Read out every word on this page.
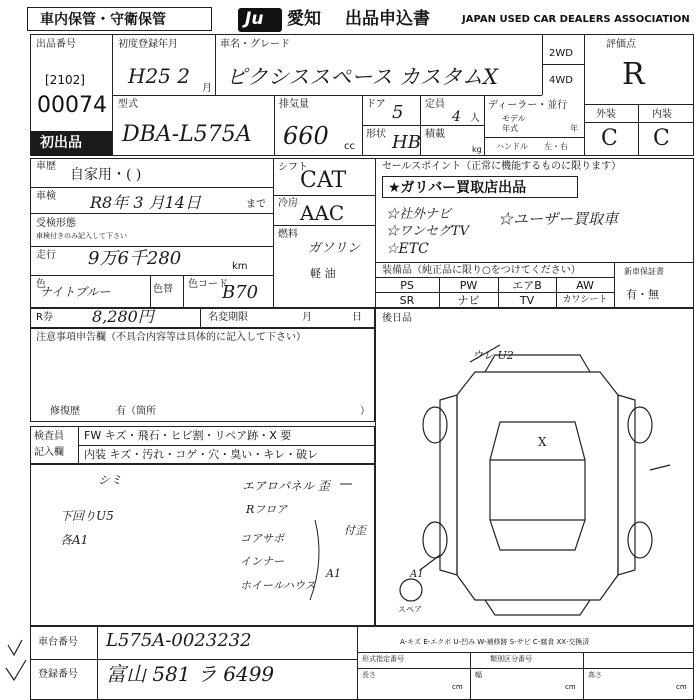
車内保管・守衛保管	Ju 愛知 出品申込書	JAPAN USED CAR DEALERS ASSOCIATION
出品番号
[2102]
00074
初出品
初度登録年月
H25 2
月
車名・グレード
ピクシススペース カスタムX
2WD
4WD
評価点
R
外装	内装
C C
型式
DBA-L575A
排気量
660 cc
ドア 5 定員
4 人
形状 HB 積載
kg
ディーラー・並行
モデル
年式	年
ハンドル 左・右
車歴
自家用・( )
車検 R8年 3 月14日	まで
受検形態
車検付きのみ記入して下さい
走行 9万6千280	km
色
ナイトブルー	色替 色コード
B70
シフト
CAT
冷房 AAC
燃料
ガソリン
軽 油
セールスポイント（正常に機能するものに限ります）
★ガリバー買取店出品
☆社外ナビ
☆ワンセグTV
☆ユーザー買取車
☆ETC
装備品（純正品に限り○をつけてください）
PS	PW	エアB	AW
SR	ナビ	TV	カワシート
新車保証書
有・無
R券 8,280円	名変期限	月	日 後日品
注意事項申告欄（不具合内容等は具体的に記入して下さい）
修復歴	有（箇所	）
検査員
記入欄
FW キズ・飛石・ヒビ割・リペア跡・X 要
内装 キズ・汚れ・コゲ・穴・臭い・キレ・破レ
シミ
下回りU5
各A1
エアロパネル 歪
Rフロア
コアサポ
インナー
ホイールハウス
付歪
A1
ウレ U2
X
A1
スペア
A-キズ E-エクボ U-凹み W-補修跡 S-サビ C-腐食 XX-交換済
車台番号 L575A-0023232
登録番号 富山 581 ラ 6499
形式指定番号	類別区分番号
長さ
cm
幅
cm
高さ
cm
